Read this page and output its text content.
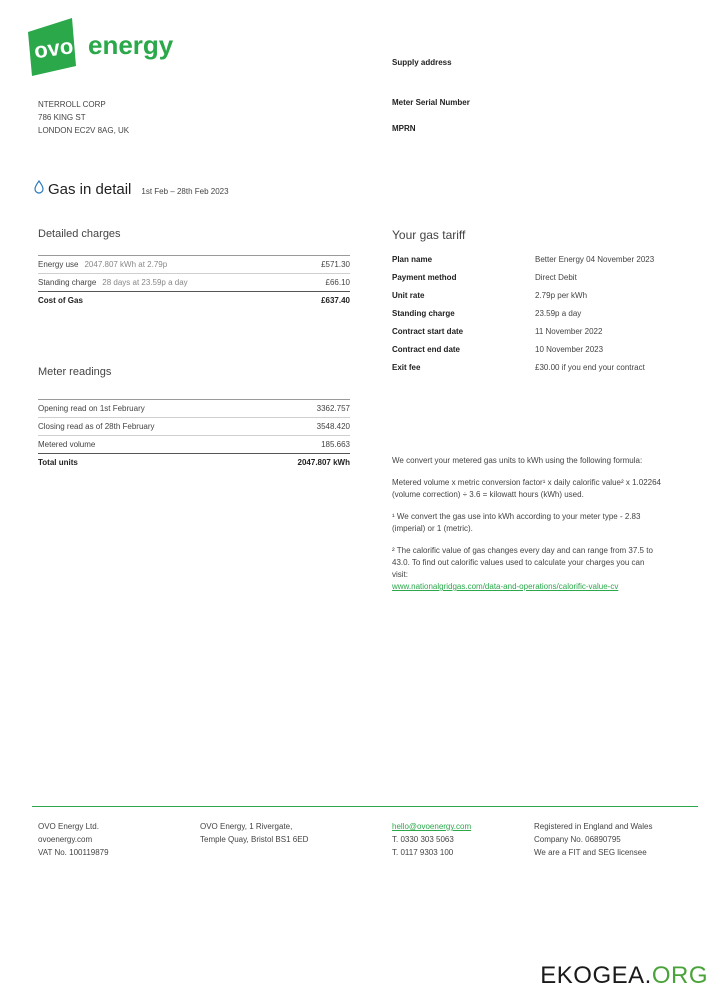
ovo energy
NTERROLL CORP
786 KING ST
LONDON EC2V 8AG, UK
Supply address
Meter Serial Number
MPRN
Gas in detail 1st Feb – 28th Feb 2023
Detailed charges
Energy use 2047.807 kWh at 2.79p	£571.30
Standing charge 28 days at 23.59p a day	£66.10
Cost of Gas	£637.40
Meter readings
Opening read on 1st February	3362.757
Closing read as of 28th February	3548.420
Metered volume	185.663
Total units	2047.807 kWh
Your gas tariff
Plan name	Better Energy 04 November 2023
Payment method	Direct Debit
Unit rate	2.79p per kWh
Standing charge	23.59p a day
Contract start date	11 November 2022
Contract end date	10 November 2023
Exit fee	£30.00 if you end your contract

We convert your metered gas units to kWh using the following formula:

Metered volume x metric conversion factor¹ x daily calorific value² x 1.02264 (volume correction) ÷ 3.6 = kilowatt hours (kWh) used.

¹ We convert the gas use into kWh according to your meter type - 2.83 (imperial) or 1 (metric).

² The calorific value of gas changes every day and can range from 37.5 to 43.0. To find out calorific values used to calculate your charges you can visit:

www.nationalgridgas.com/data-and-operations/calorific-value-cv
OVO Energy Ltd.
ovoenergy.com
VAT No. 100119879
OVO Energy, 1 Rivergate,
Temple Quay, Bristol BS1 6ED
hello@ovoenergy.com
T. 0330 303 5063
T. 0117 9303 100
Registered in England and Wales
Company No. 06890795
We are a FIT and SEG licensee
EKOGEA.ORG
